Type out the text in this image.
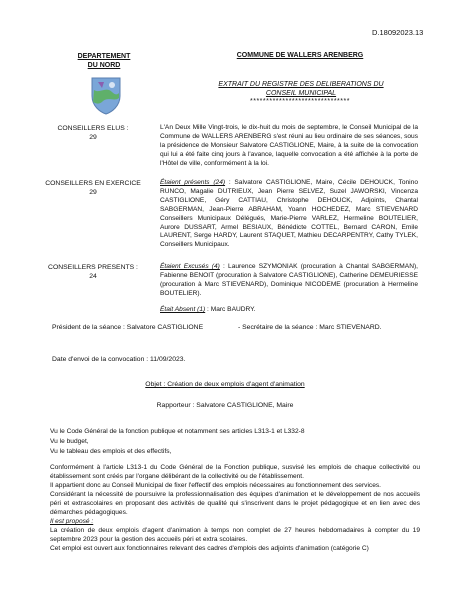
D.18092023.13
DEPARTEMENT
DU NORD
COMMUNE DE WALLERS ARENBERG
EXTRAIT DU REGISTRE DES DELIBERATIONS DU
CONSEIL MUNICIPAL
*******************************
CONSEILLERS ELUS :
29
L'An Deux Mille Vingt-trois, le dix-huit du mois de septembre, le Conseil Municipal de la Commune de WALLERS ARENBERG s'est réuni au lieu ordinaire de ses séances, sous la présidence de Monsieur Salvatore CASTIGLIONE, Maire, à la suite de la convocation qui lui a été faite cinq jours à l'avance, laquelle convocation a été affichée à la porte de l'Hôtel de ville, conformément à la loi.
CONSEILLERS EN EXERCICE
29
Étaient présents (24) : Salvatore CASTIGLIONE, Maire, Cécile DEHOUCK, Tonino RUNCO, Magalie DUTRIEUX, Jean Pierre SELVEZ, Suzel JAWORSKI, Vincenza CASTIGLIONE, Géry CATTIAU, Christophe DEHOUCK, Adjoints, Chantal SABGERMAN, Jean-Pierre ABRAHAM, Yoann HOCHEDEZ, Marc STIEVENARD Conseillers Municipaux Délégués, Marie-Pierre VARLEZ, Hermeline BOUTELIER, Aurore DUSSART, Armel BESIAUX, Bénédicte COTTEL, Bernard CARON, Emile LAURENT, Serge HARDY, Laurent STAQUET, Mathieu DECARPENTRY, Cathy TYLEK, Conseillers Municipaux.
CONSEILLERS PRESENTS :
24
Étaient Excusés (4) : Laurence SZYMONIAK (procuration à Chantal SABGERMAN), Fabienne BENOIT (procuration à Salvatore CASTIGLIONE), Catherine DEMEURIESSE (procuration à Marc STIEVENARD), Dominique NICODEME (procuration à Hermeline BOUTELIER).
Était Absent (1) : Marc BAUDRY.
Président de la séance : Salvatore CASTIGLIONE	- Secrétaire de la séance : Marc STIEVENARD.
Date d'envoi de la convocation : 11/09/2023.
Objet : Création de deux emplois d'agent d'animation
Rapporteur : Salvatore CASTIGLIONE, Maire
Vu le Code Général de la fonction publique et notamment ses articles L313-1 et L332-8
Vu le budget,
Vu le tableau des emplois et des effectifs,
Conformément à l'article L313-1 du Code Général de la Fonction publique, susvisé les emplois de chaque collectivité ou établissement sont créés par l'organe délibérant de la collectivité ou de l'établissement.
Il appartient donc au Conseil Municipal de fixer l'effectif des emplois nécessaires au fonctionnement des services.
Considérant la nécessité de poursuivre la professionnalisation des équipes d'animation et le développement de nos accueils péri et extrascolaires en proposant des activités de qualité qui s'inscrivent dans le projet pédagogique et en lien avec des démarches pédagogiques.
Il est proposé :
La création de deux emplois d'agent d'animation à temps non complet de 27 heures hebdomadaires à compter du 19 septembre 2023 pour la gestion des accueils péri et extra scolaires.
Cet emploi est ouvert aux fonctionnaires relevant des cadres d'emplois des adjoints d'animation (catégorie C)
